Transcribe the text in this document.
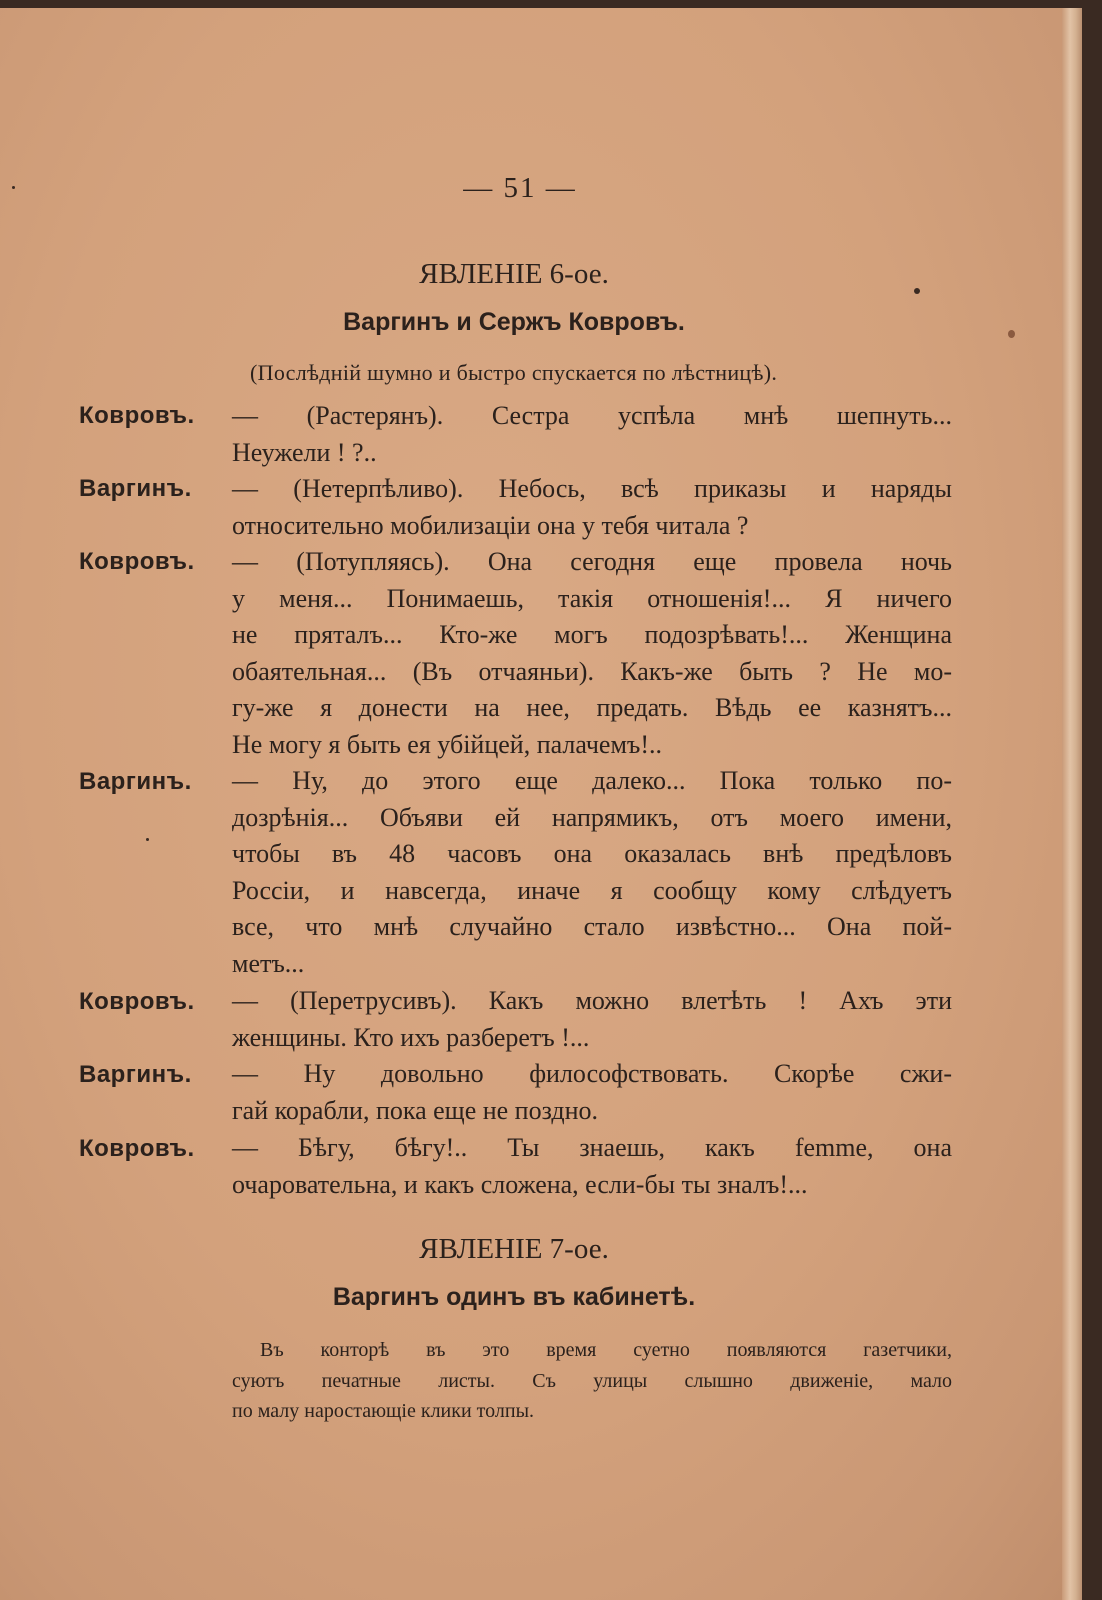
— 51 —
ЯВЛЕНІЕ 6-ое.
Варгинъ и Сержъ Ковровъ.
(Послѣдній шумно и быстро спускается по лѣстницѣ).
Ковровъ. — (Растерянъ). Сестра успѣла мнѣ шепнуть...
Неужели ! ?..
Варгинъ. — (Нетерпѣливо). Небось, всѣ приказы и наряды
относительно мобилизаціи она у тебя читала ?
Ковровъ. — (Потупляясь). Она сегодня еще провела ночь
у меня... Понимаешь, такія отношенія!... Я ничего
не пряталъ... Кто-же могъ подозрѣвать!... Женщина
обаятельная... (Въ отчаяньи). Какъ-же быть ? Не мо-
гу-же я донести на нее, предать. Вѣдь ее казнятъ...
Не могу я быть ея убійцей, палачемъ!..
Варгинъ. — Ну, до этого еще далеко... Пока только по-
дозрѣнія... Объяви ей напрямикъ, отъ моего имени,
чтобы въ 48 часовъ она оказалась внѣ предѣловъ
Россіи, и навсегда, иначе я сообщу кому слѣдуетъ
все, что мнѣ случайно стало извѣстно... Она пой-
метъ...
Ковровъ. — (Перетрусивъ). Какъ можно влетѣть ! Ахъ эти
женщины. Кто ихъ разберетъ !...
Варгинъ. — Ну довольно философствовать. Скорѣе сжи-
гай корабли, пока еще не поздно.
Ковровъ. — Бѣгу, бѣгу!.. Ты знаешь, какъ femme, она
очаровательна, и какъ сложена, если-бы ты зналъ!...
ЯВЛЕНІЕ 7-ое.
Варгинъ одинъ въ кабинетѣ.
Въ конторѣ въ это время суетно появляются газетчики,
суютъ печатные листы. Съ улицы слышно движеніе, мало
по малу наростающіе клики толпы.
